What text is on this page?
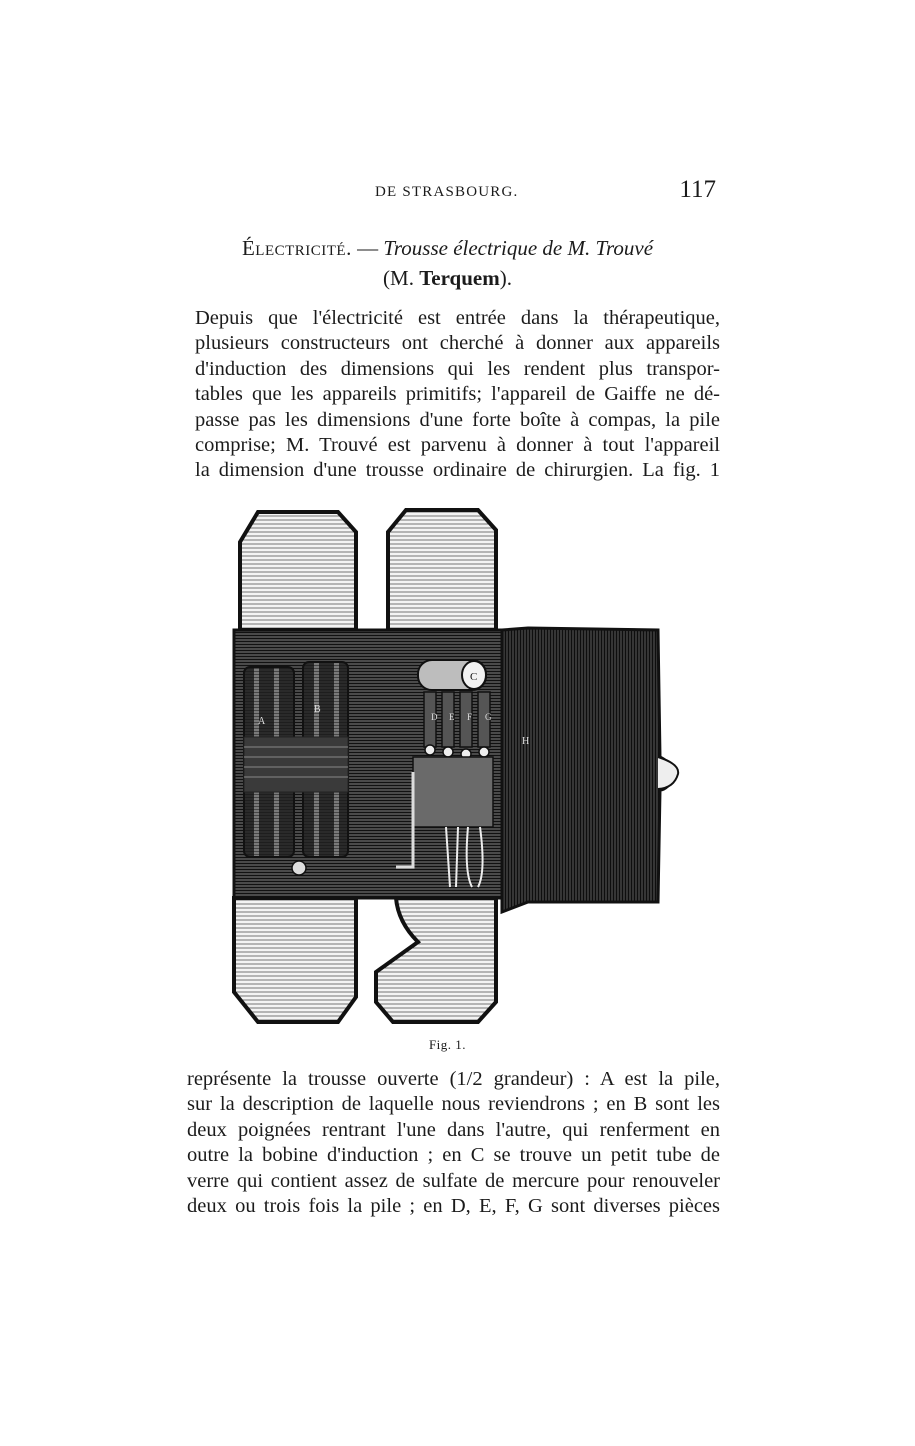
DE STRASBOURG.	117
Électricité. — Trousse électrique de M. Trouvé
(M. Terquem).
Depuis que l'électricité est entrée dans la thérapeutique,
plusieurs constructeurs ont cherché à donner aux appareils
d'induction des dimensions qui les rendent plus transpor-
tables que les appareils primitifs; l'appareil de Gaiffe ne dé-
passe pas les dimensions d'une forte boîte à compas, la pile
comprise; M. Trouvé est parvenu à donner à tout l'appareil
la dimension d'une trousse ordinaire de chirurgien. La fig. 1
A
B
C
D E F G
H
Fig. 1.
représente la trousse ouverte (1/2 grandeur) : A est la pile,
sur la description de laquelle nous reviendrons ; en B sont les
deux poignées rentrant l'une dans l'autre, qui renferment en
outre la bobine d'induction ; en C se trouve un petit tube de
verre qui contient assez de sulfate de mercure pour renouveler
deux ou trois fois la pile ; en D, E, F, G sont diverses pièces
